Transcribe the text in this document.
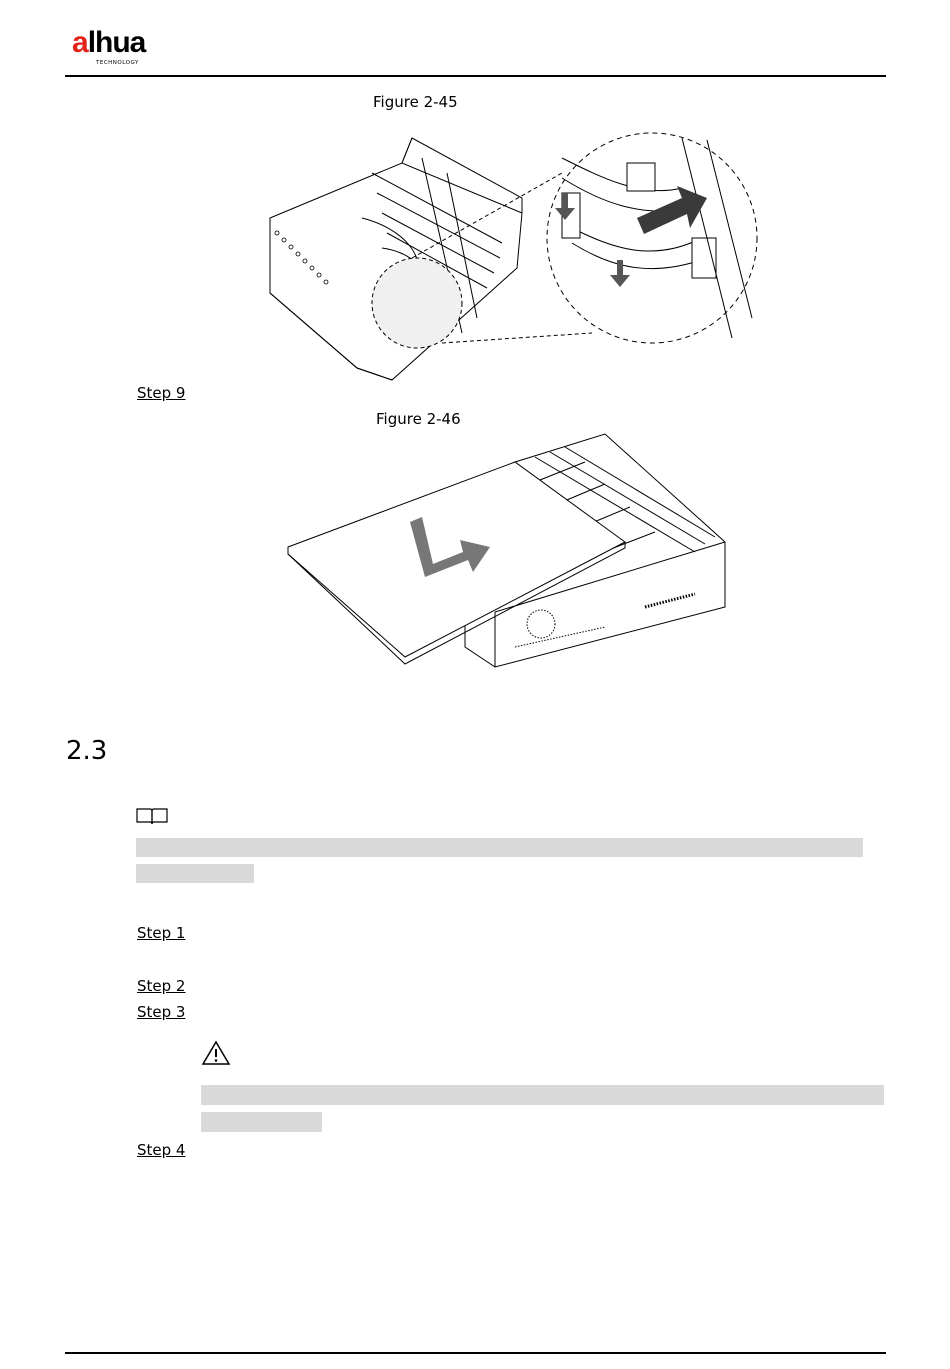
alhua
TECHNOLOGY
Figure 2-45
Step 9
Figure 2-46
2.3
Step 1
Step 2
Step 3
Step 4
